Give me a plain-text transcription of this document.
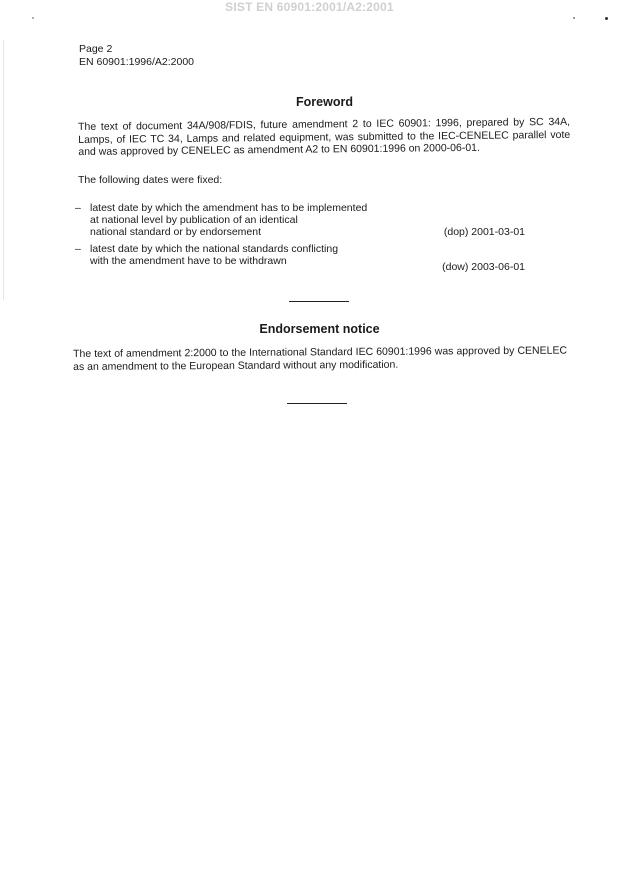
SIST EN 60901:2001/A2:2001
Page 2
EN 60901:1996/A2:2000
Foreword
The text of document 34A/908/FDIS, future amendment 2 to IEC 60901: 1996, prepared by SC 34A, Lamps, of IEC TC 34, Lamps and related equipment, was submitted to the IEC-CENELEC parallel vote and was approved by CENELEC as amendment A2 to EN 60901:1996 on 2000-06-01.
The following dates were fixed:
– latest date by which the amendment has to be implemented
at national level by publication of an identical
national standard or by endorsement	(dop) 2001-03-01
– latest date by which the national standards conflicting
with the amendment have to be withdrawn	(dow) 2003-06-01
Endorsement notice
The text of amendment 2:2000 to the International Standard IEC 60901:1996 was approved by CENELEC as an amendment to the European Standard without any modification.
